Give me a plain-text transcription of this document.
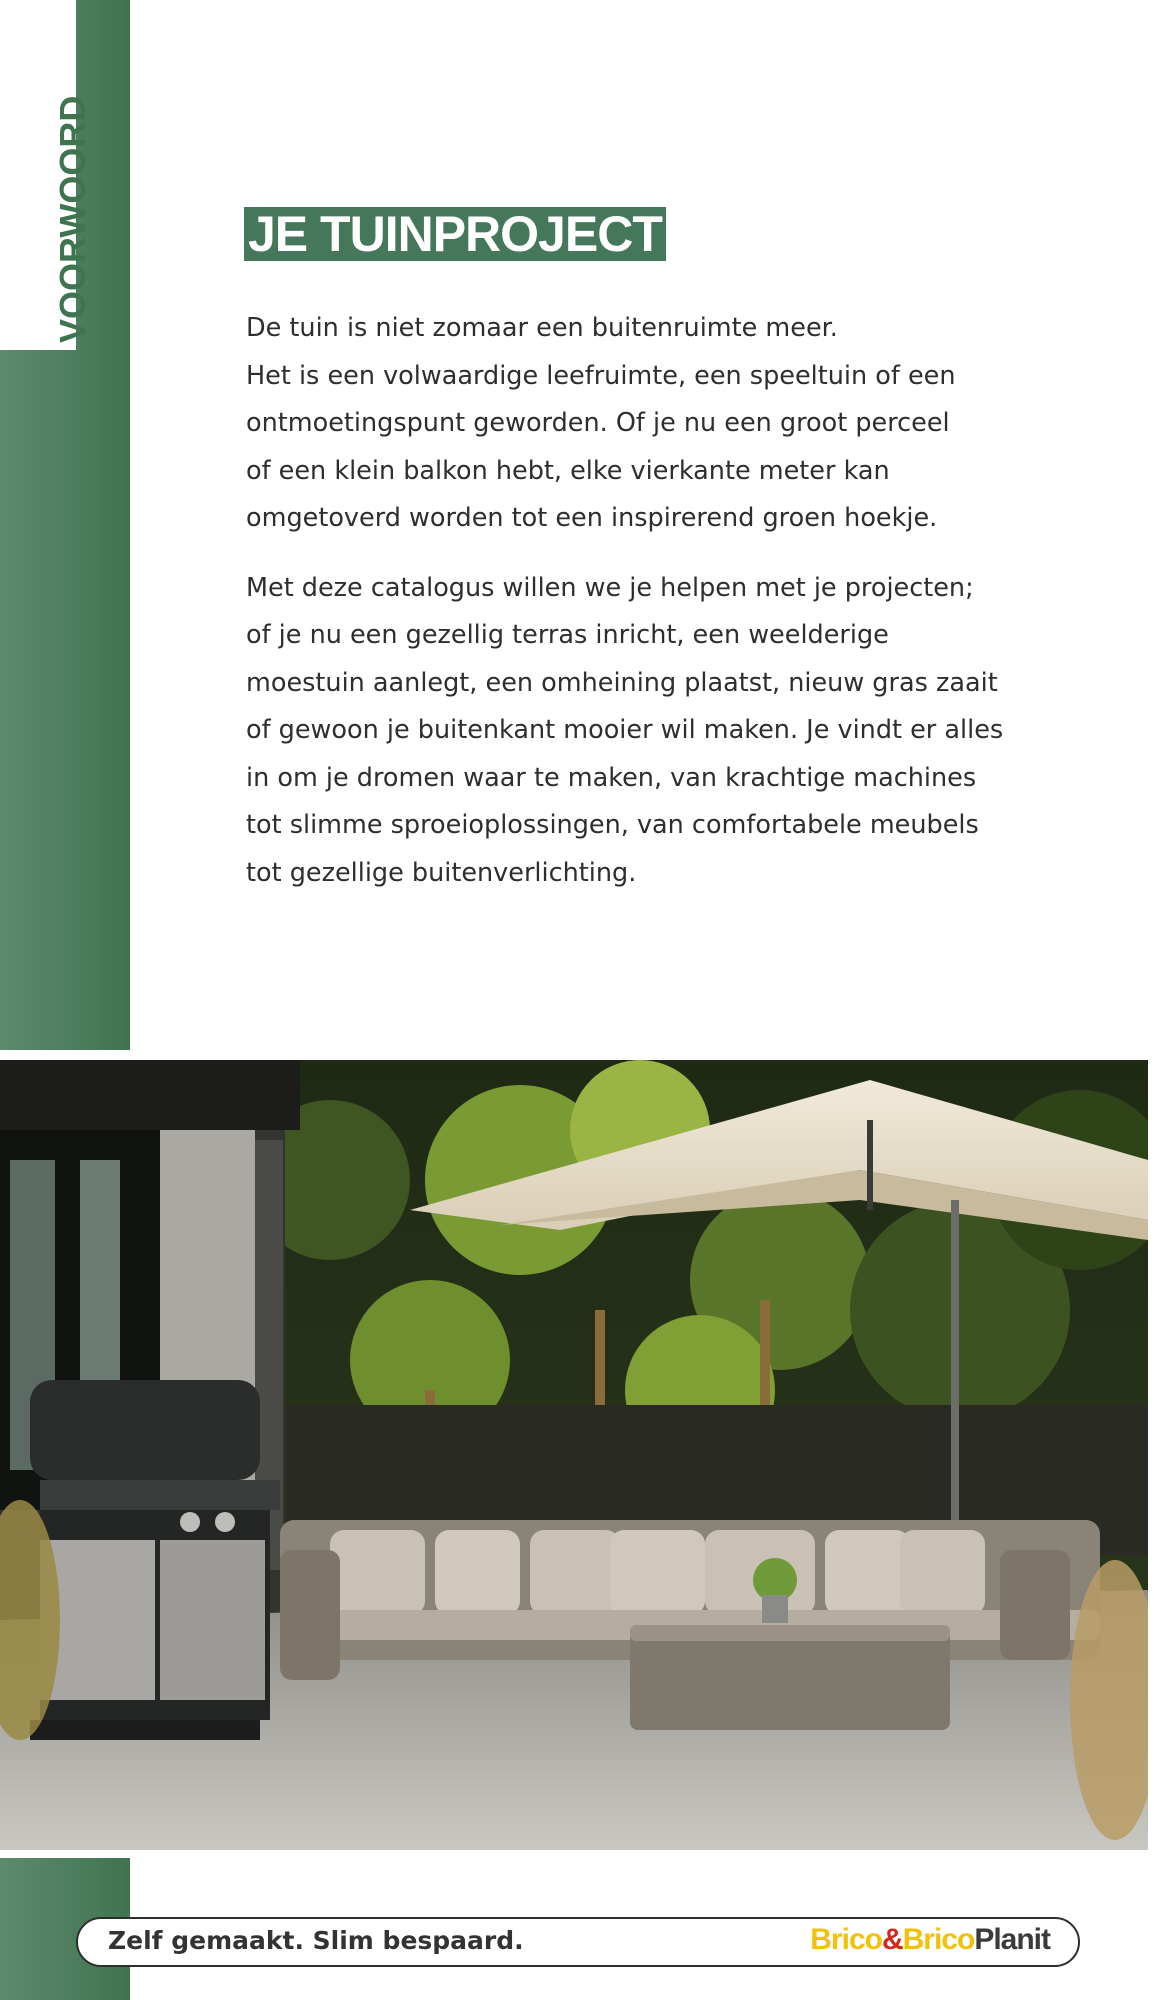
VOORWOORD	JE TUINPROJECT

De tuin is niet zomaar een buitenruimte meer.
Het is een volwaardige leefruimte, een speeltuin of een
ontmoetingspunt geworden. Of je nu een groot perceel
of een klein balkon hebt, elke vierkante meter kan
omgetoverd worden tot een inspirerend groen hoekje.

Met deze catalogus willen we je helpen met je projecten;
of je nu een gezellig terras inricht, een weelderige
moestuin aanlegt, een omheining plaatst, nieuw gras zaait
of gewoon je buitenkant mooier wil maken. Je vindt er alles
in om je dromen waar te maken, van krachtige machines
tot slimme sproeioplossingen, van comfortabele meubels
tot gezellige buitenverlichting.

Zelf gemaakt. Slim bespaard.	Brico&BricoPlanit
